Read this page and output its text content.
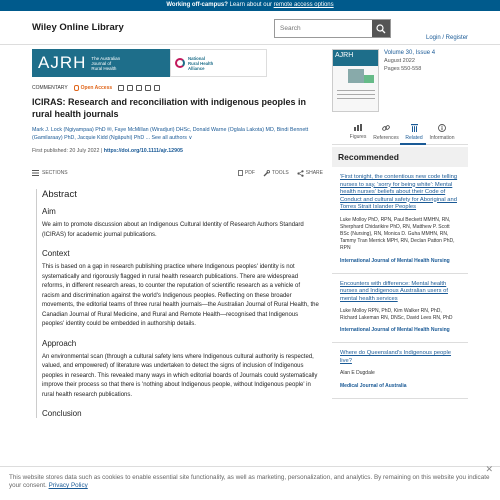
Working off-campus? Learn about our remote access options
Wiley Online Library
Search
Login / Register
AJRH The Australian
Journal of
Rural Health
National
Rural Health
Alliance
COMMENTARY	Open Access
ICIRAS: Research and reconciliation with indigenous peoples in rural health journals
Mark J. Lock (Ngiyampaa) PhD ✉, Faye McMillan (Wiradjuri) DHSc, Donald Warne (Oglala Lakota) MD, Bindi Bennett (Gamilaraay) PhD, Jacquie Kidd (Ngāpuhi) PhD ... See all authors ∨
First published: 20 July 2022 | https://doi.org/10.1111/ajr.12905
SECTIONS	PDF	TOOLS	SHARE
Abstract
Aim

We aim to promote discussion about an Indigenous Cultural Identity of Research Authors Standard (ICIRAS) for academic journal publications.

Context

This is based on a gap in research publishing practice where Indigenous peoples' identity is not systematically and rigorously flagged in rural health research publications. There are widespread reforms, in different research areas, to counter the reputation of scientific research as a vehicle of racism and discrimination against the world's Indigenous peoples. Reflecting on these broader movements, the editorial teams of three rural health journals—the Australian Journal of Rural Health, the Canadian Journal of Rural Medicine, and Rural and Remote Health—recognised that Indigenous peoples' identity could be embedded in authorship details.

Approach

An environmental scan (through a cultural safety lens where Indigenous cultural authority is respected, valued, and empowered) of literature was undertaken to detect the signs of inclusion of Indigenous peoples in research. This revealed many ways in which editorial boards of Journals could systematically improve their process so that there is 'nothing about Indigenous people, without Indigenous people' in rural health research publications.

Conclusion
AJRH	Volume 30, Issue 4
August 2022
Pages 550-558
Figures References Related Information
Recommended
'First tonight, the contentious new code telling nurses to say, 'sorry for being white': Mental health nurses' beliefs about their Code of Conduct and cultural safety for Aboriginal and Torres Strait Islander Peoples
Luke Molloy PhD, RPN, Paul Beckett MMHN, RN, Sherphard Chidarikire PhD, RN, Matthew P. Scott BSc (Nursing), RN, Monica D. Guha MMHN, RN, Tammy Tran Merrick MPH, RN, Declan Patton PhD, RPN
International Journal of Mental Health Nursing
Encounters with difference: Mental health nurses and Indigenous Australian users of mental health services
Luke Molloy RPN, PhD, Kim Walker RN, PhD, Richard Lakeman RN, DNSc, David Lees RN, PhD
International Journal of Mental Health Nursing
Where do Queensland's Indigenous people live?
Alan E Dugdale
Medical Journal of Australia
This website stores data such as cookies to enable essential site functionality, as well as marketing, personalization, and analytics. By remaining on this website you indicate your consent. Privacy Policy
✕
